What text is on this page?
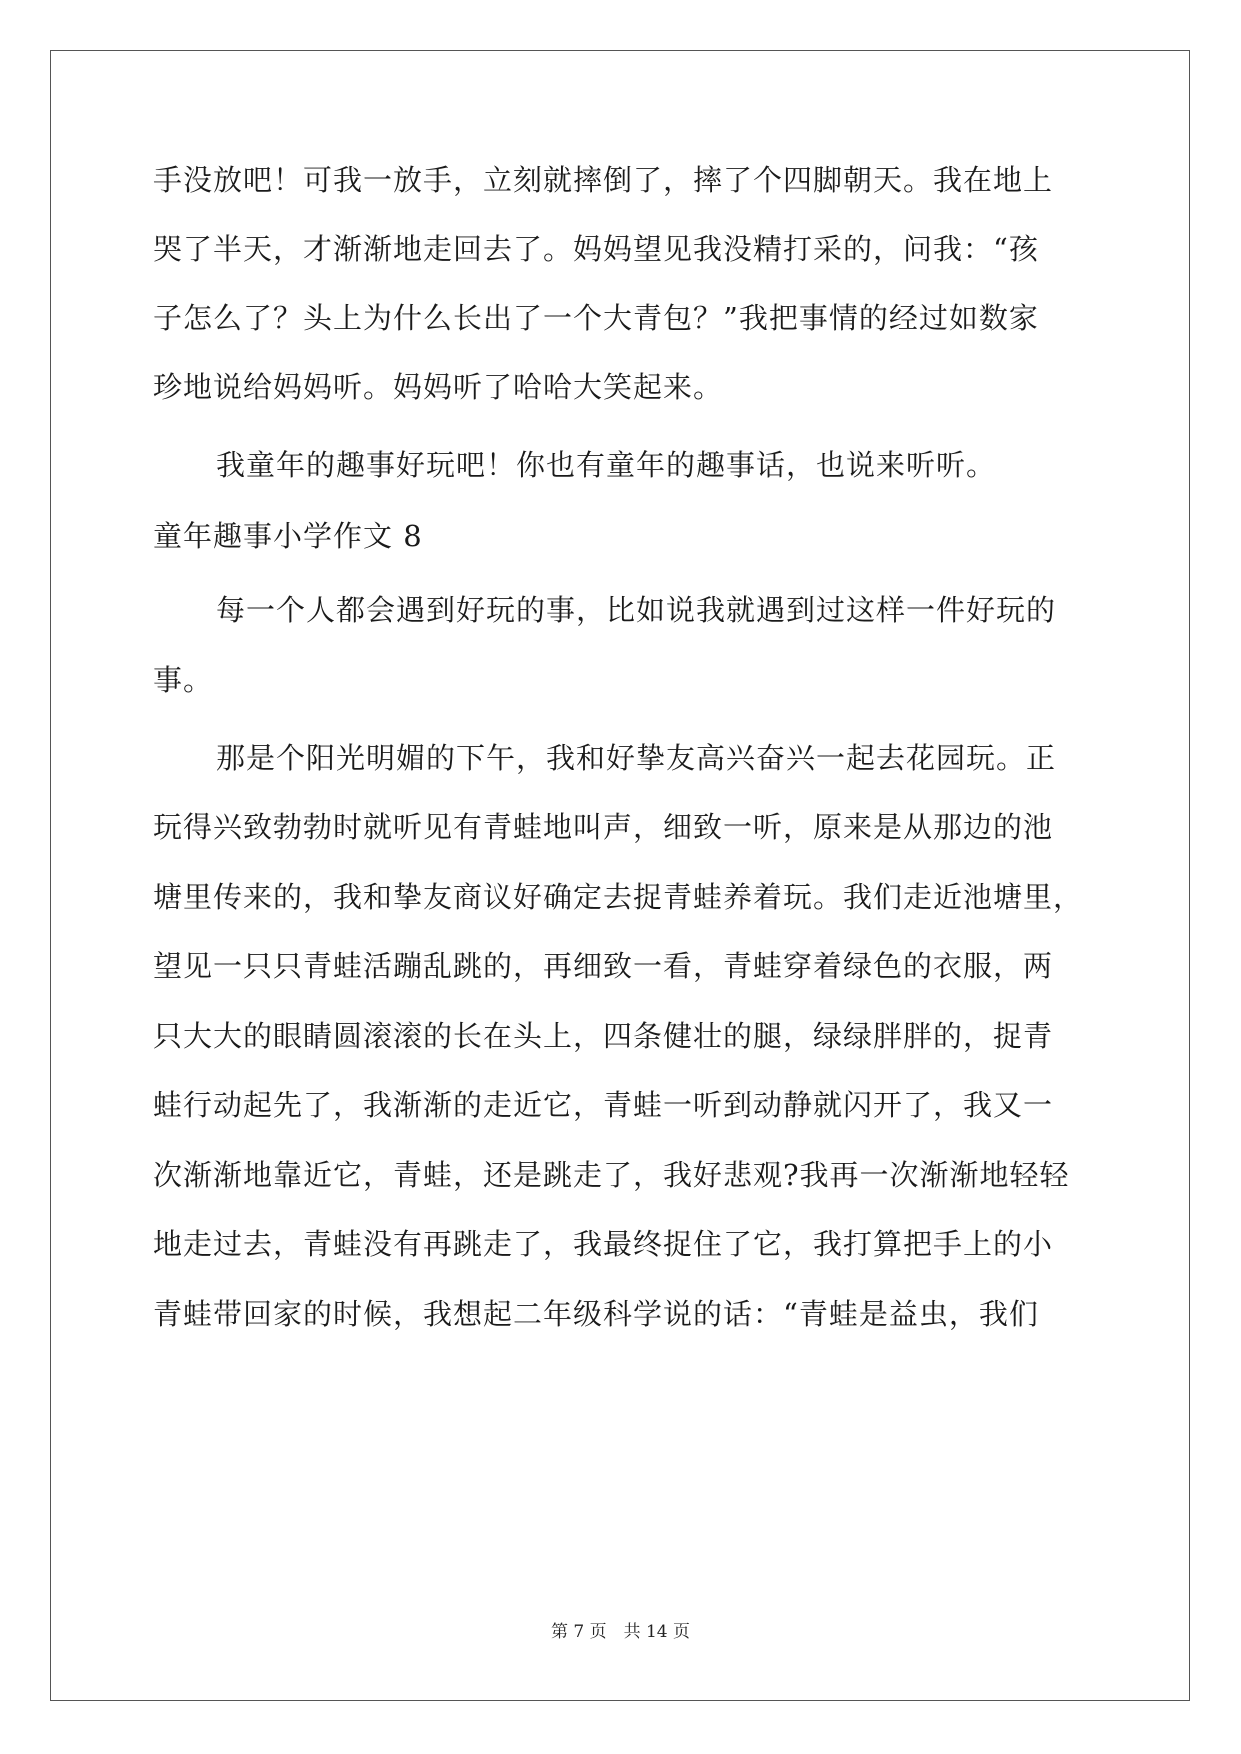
手没放吧！可我一放手，立刻就摔倒了，摔了个四脚朝天。我在地上
哭了半天，才渐渐地走回去了。妈妈望见我没精打采的，问我：“孩
子怎么了？头上为什么长出了一个大青包？”我把事情的经过如数家
珍地说给妈妈听。妈妈听了哈哈大笑起来。
我童年的趣事好玩吧！你也有童年的趣事话，也说来听听。
童年趣事小学作文 8
每一个人都会遇到好玩的事，比如说我就遇到过这样一件好玩的
事。
那是个阳光明媚的下午，我和好挚友高兴奋兴一起去花园玩。正
玩得兴致勃勃时就听见有青蛙地叫声，细致一听，原来是从那边的池
塘里传来的，我和挚友商议好确定去捉青蛙养着玩。我们走近池塘里，
望见一只只青蛙活蹦乱跳的，再细致一看，青蛙穿着绿色的衣服，两
只大大的眼睛圆滚滚的长在头上，四条健壮的腿，绿绿胖胖的，捉青
蛙行动起先了，我渐渐的走近它，青蛙一听到动静就闪开了，我又一
次渐渐地靠近它，青蛙，还是跳走了，我好悲观?我再一次渐渐地轻轻
地走过去，青蛙没有再跳走了，我最终捉住了它，我打算把手上的小
青蛙带回家的时候，我想起二年级科学说的话：“青蛙是益虫，我们
第 7 页　共 14 页
